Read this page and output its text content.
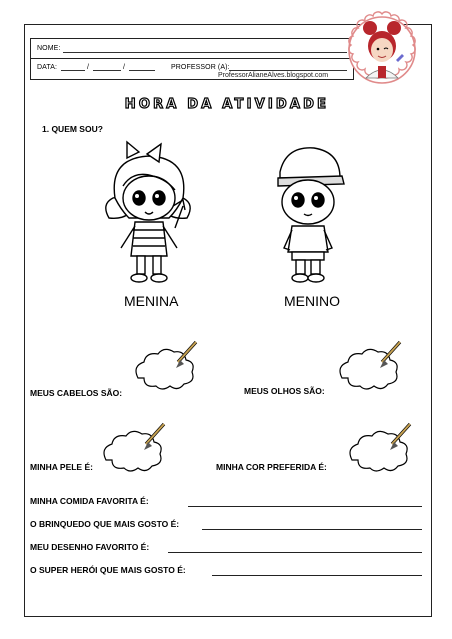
NOME:
DATA:	/	/	PROFESSOR (A):
ProfessorAlianeAlves.blogspot.com
HORA DA ATIVIDADE
1. QUEM SOU?
MENINA	MENINO
MEUS CABELOS SÃO:	MEUS OLHOS SÃO:
MINHA PELE É:	MINHA COR PREFERIDA É:
MINHA COMIDA FAVORITA É:
O BRINQUEDO QUE MAIS GOSTO É:
MEU DESENHO FAVORITO É:
O SUPER HERÓI QUE MAIS GOSTO É:
